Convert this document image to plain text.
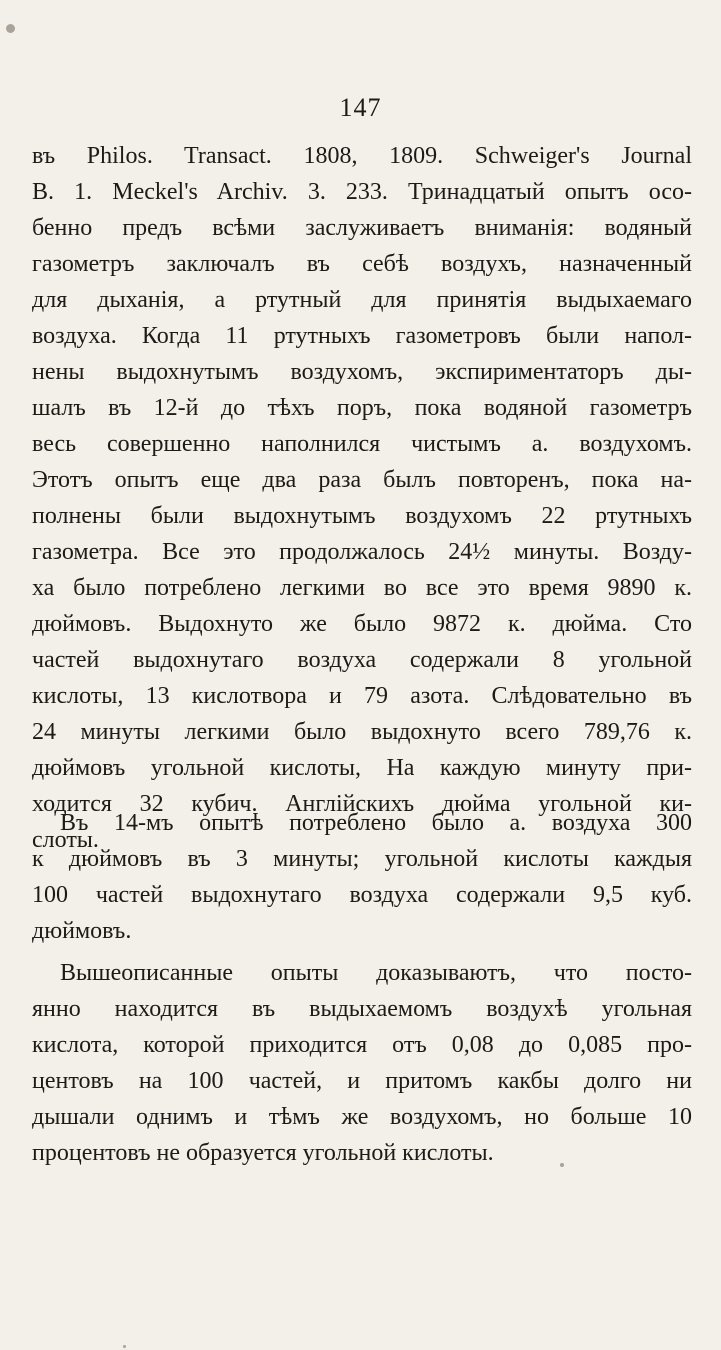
147
въ Philos. Transact. 1808, 1809. Schweiger's Journal
B. 1. Meckel's Archiv. 3. 233. Тринадцатый опытъ осо-
бенно предъ всѣми заслуживаетъ вниманія: водяный
газометръ заключалъ въ себѣ воздухъ, назначенный
для дыханія, а ртутный для принятія выдыхаемаго
воздуха. Когда 11 ртутныхъ газометровъ были напол-
нены выдохнутымъ воздухомъ, экспириментаторъ ды-
шалъ въ 12-й до тѣхъ поръ, пока водяной газометръ
весь совершенно наполнился чистымъ а. воздухомъ.
Этотъ опытъ еще два раза былъ повторенъ, пока на-
полнены были выдохнутымъ воздухомъ 22 ртутныхъ
газометра. Все это продолжалось 24½ минуты. Возду-
ха было потреблено легкими во все это время 9890 к.
дюймовъ. Выдохнуто же было 9872 к. дюйма. Сто
частей выдохнутаго воздуха содержали 8 угольной
кислоты, 13 кислотвора и 79 азота. Слѣдовательно въ
24 минуты легкими было выдохнуто всего 789,76 к.
дюймовъ угольной кислоты, На каждую минуту при-
ходится 32 кубич. Англійскихъ дюйма угольной ки-
слоты.
Въ 14-мъ опытѣ потреблено было а. воздуха 300
к дюймовъ въ 3 минуты; угольной кислоты каждыя
100 частей выдохнутаго воздуха содержали 9,5 куб.
дюймовъ.
Вышеописанные опыты доказываютъ, что посто-
янно находится въ выдыхаемомъ воздухѣ угольная
кислота, которой приходится отъ 0,08 до 0,085 про-
центовъ на 100 частей, и притомъ какбы долго ни
дышали однимъ и тѣмъ же воздухомъ, но больше 10
процентовъ не образуется угольной кислоты.
